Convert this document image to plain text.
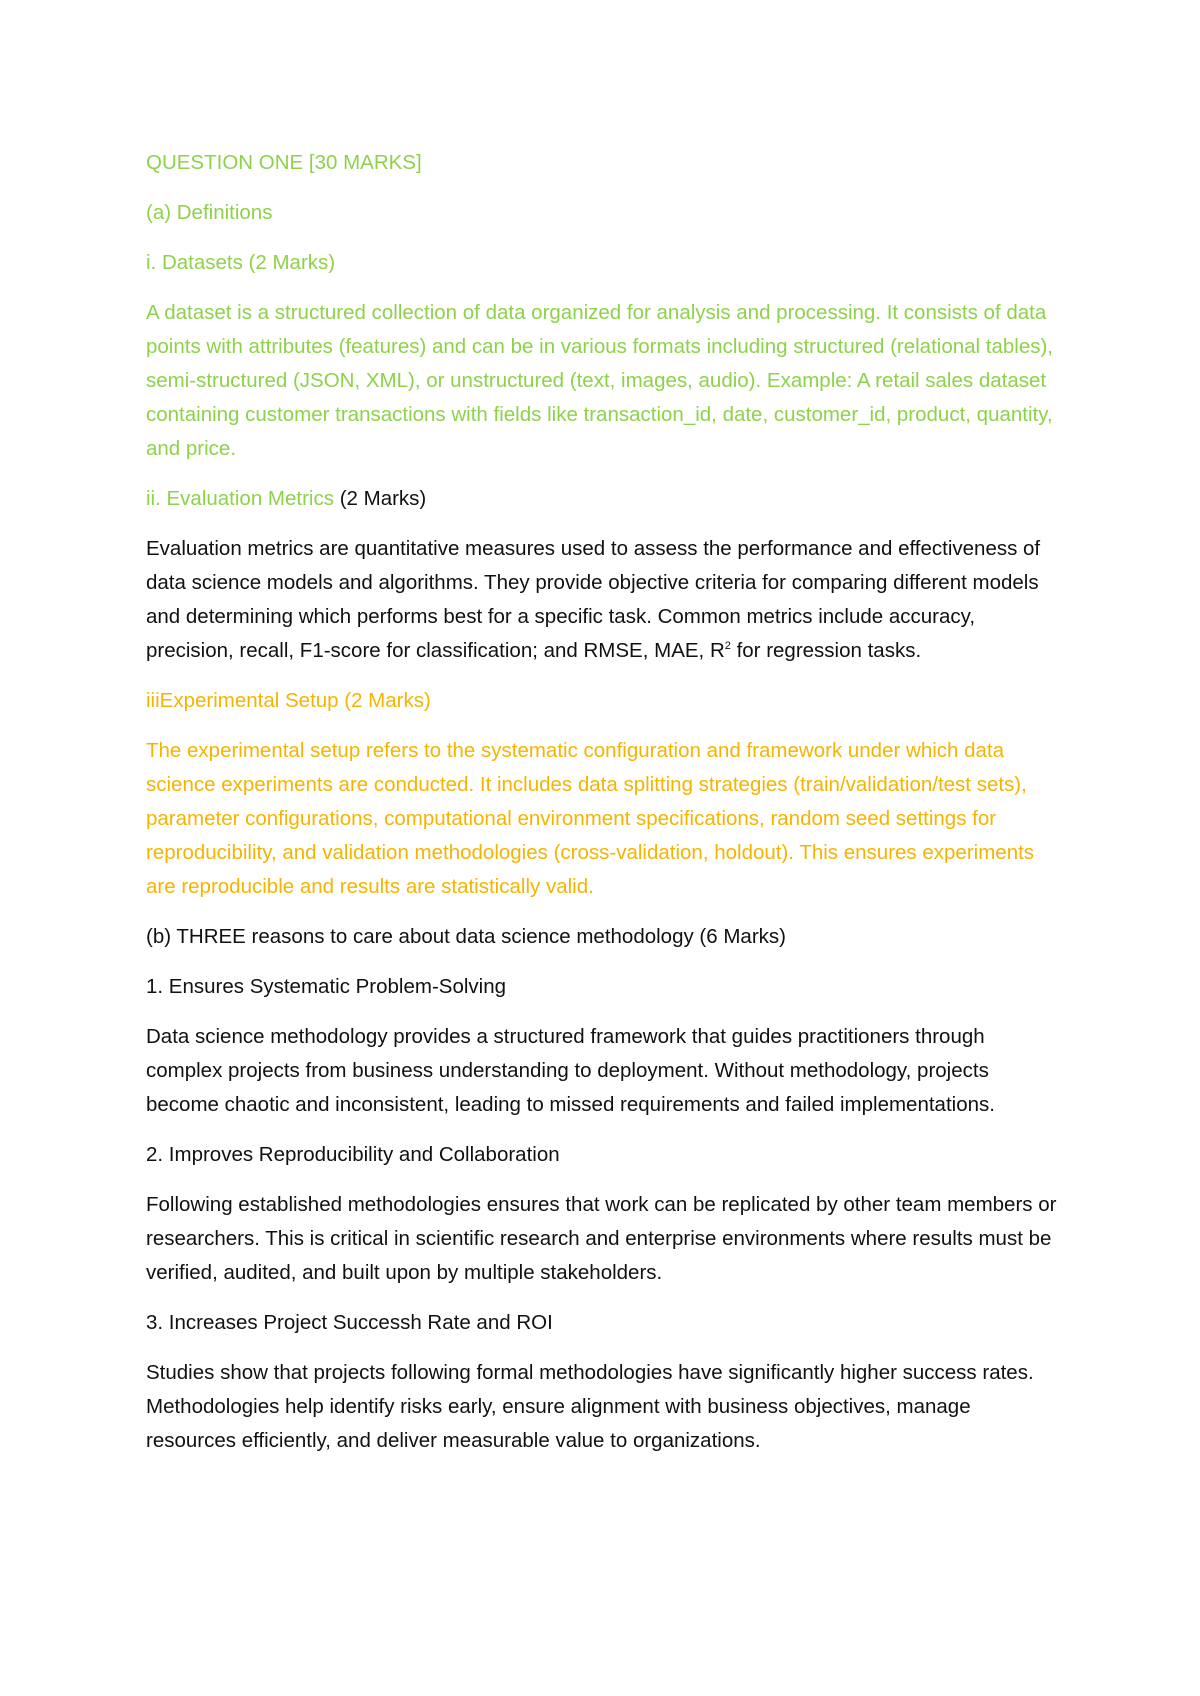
QUESTION ONE [30 MARKS]

(a) Definitions

i. Datasets (2 Marks)

A dataset is a structured collection of data organized for analysis and processing. It consists of data points with attributes (features) and can be in various formats including structured (relational tables), semi-structured (JSON, XML), or unstructured (text, images, audio). Example: A retail sales dataset containing customer transactions with fields like transaction_id, date, customer_id, product, quantity, and price.

ii. Evaluation Metrics (2 Marks)

Evaluation metrics are quantitative measures used to assess the performance and effectiveness of data science models and algorithms. They provide objective criteria for comparing different models and determining which performs best for a specific task. Common metrics include accuracy, precision, recall, F1-score for classification; and RMSE, MAE, $R^2$ for regression tasks.

iiiExperimental Setup (2 Marks)

The experimental setup refers to the systematic configuration and framework under which data science experiments are conducted. It includes data splitting strategies (train/validation/test sets), parameter configurations, computational environment specifications, random seed settings for reproducibility, and validation methodologies (cross-validation, holdout). This ensures experiments are reproducible and results are statistically valid.

(b) THREE reasons to care about data science methodology (6 Marks)

1. Ensures Systematic Problem-Solving

Data science methodology provides a structured framework that guides practitioners through complex projects from business understanding to deployment. Without methodology, projects become chaotic and inconsistent, leading to missed requirements and failed implementations.

2. Improves Reproducibility and Collaboration

Following established methodologies ensures that work can be replicated by other team members or researchers. This is critical in scientific research and enterprise environments where results must be verified, audited, and built upon by multiple stakeholders.

3. Increases Project Successh Rate and ROI

Studies show that projects following formal methodologies have significantly higher success rates. Methodologies help identify risks early, ensure alignment with business objectives, manage resources efficiently, and deliver measurable value to organizations.
